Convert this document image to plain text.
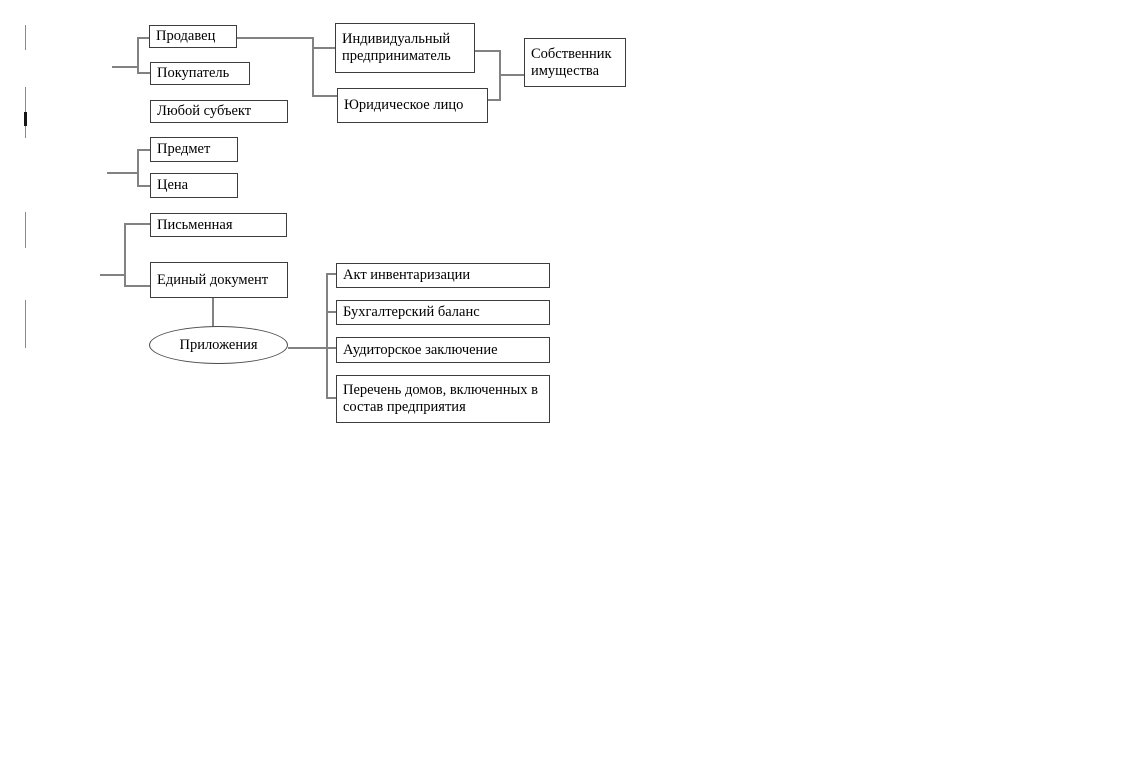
Продавец
Покупатель
Любой субъект
Индивидуальный предприниматель
Юридическое лицо
Собственник имущества
Предмет
Цена
Письменная
Единый документ
Приложения
Акт инвентаризации
Бухгалтерский баланс
Аудиторское заключение
Перечень домов, включенных в состав предприятия
